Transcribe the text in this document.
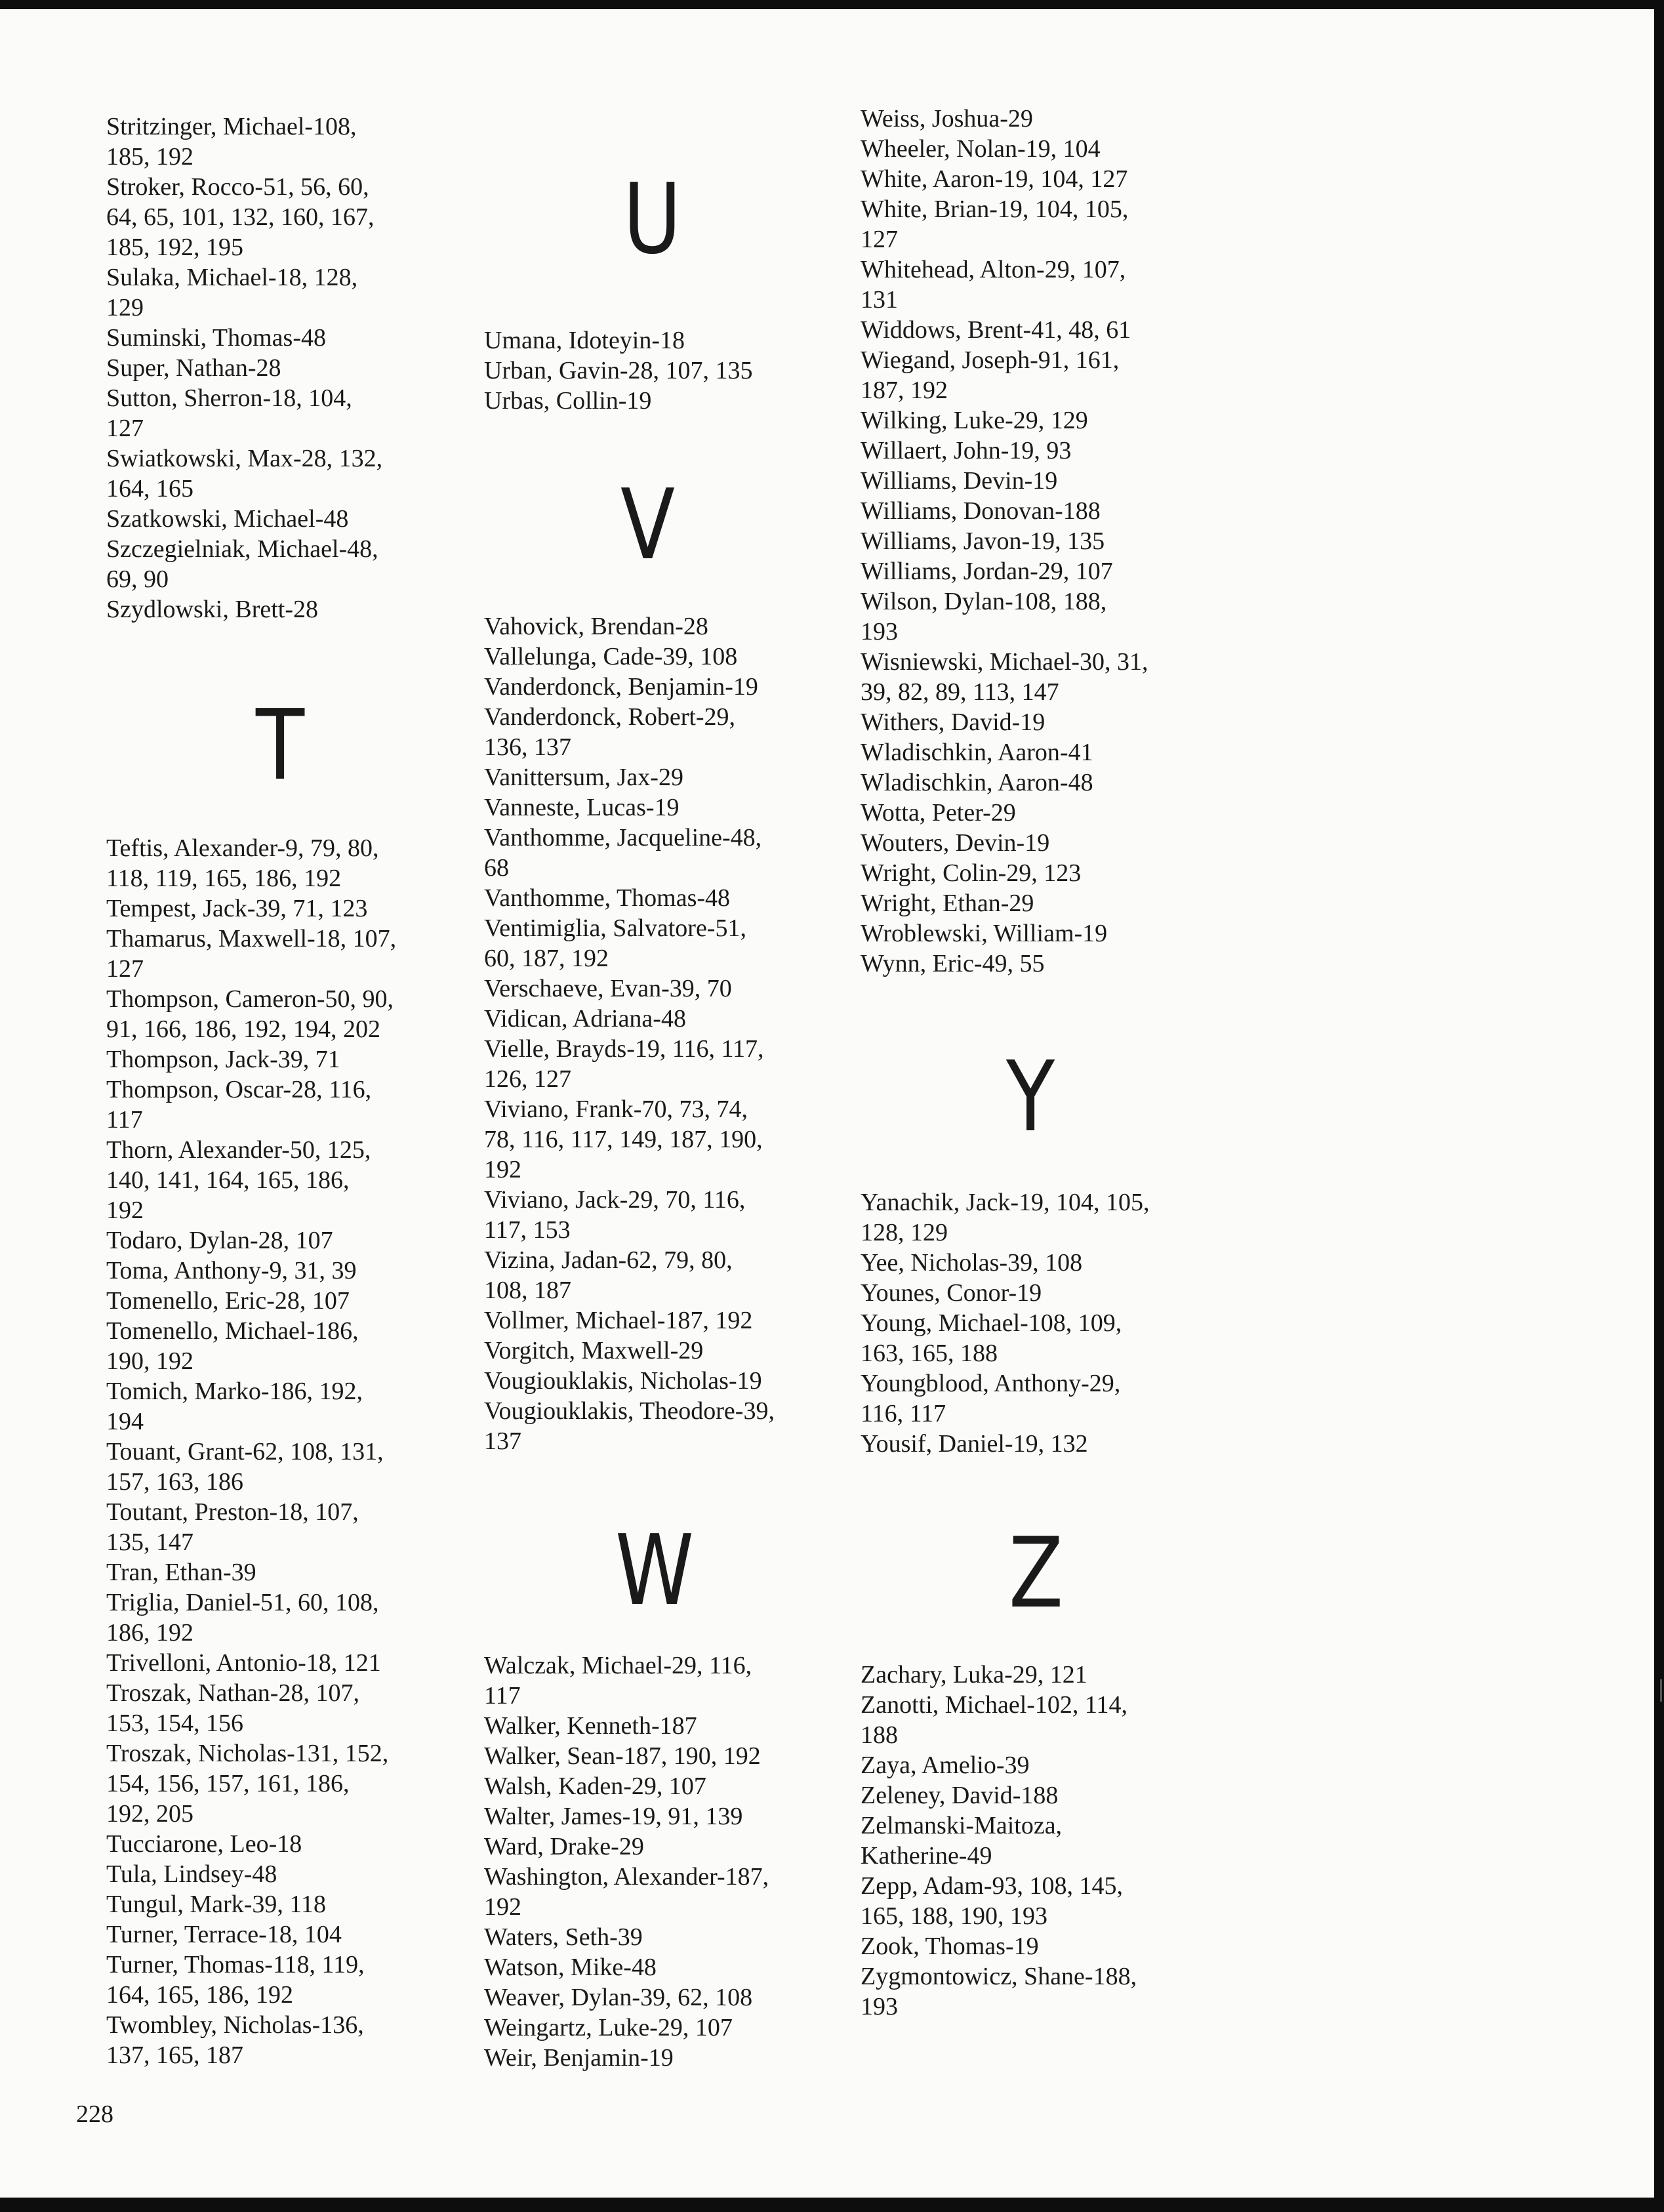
Stritzinger, Michael-108,
185, 192
Stroker, Rocco-51, 56, 60,
64, 65, 101, 132, 160, 167,
185, 192, 195
Sulaka, Michael-18, 128,
129
Suminski, Thomas-48
Super, Nathan-28
Sutton, Sherron-18, 104,
127
Swiatkowski, Max-28, 132,
164, 165
Szatkowski, Michael-48
Szczegielniak, Michael-48,
69, 90
Szydlowski, Brett-28
T
Teftis, Alexander-9, 79, 80,
118, 119, 165, 186, 192
Tempest, Jack-39, 71, 123
Thamarus, Maxwell-18, 107,
127
Thompson, Cameron-50, 90,
91, 166, 186, 192, 194, 202
Thompson, Jack-39, 71
Thompson, Oscar-28, 116,
117
Thorn, Alexander-50, 125,
140, 141, 164, 165, 186,
192
Todaro, Dylan-28, 107
Toma, Anthony-9, 31, 39
Tomenello, Eric-28, 107
Tomenello, Michael-186,
190, 192
Tomich, Marko-186, 192,
194
Touant, Grant-62, 108, 131,
157, 163, 186
Toutant, Preston-18, 107,
135, 147
Tran, Ethan-39
Triglia, Daniel-51, 60, 108,
186, 192
Trivelloni, Antonio-18, 121
Troszak, Nathan-28, 107,
153, 154, 156
Troszak, Nicholas-131, 152,
154, 156, 157, 161, 186,
192, 205
Tucciarone, Leo-18
Tula, Lindsey-48
Tungul, Mark-39, 118
Turner, Terrace-18, 104
Turner, Thomas-118, 119,
164, 165, 186, 192
Twombley, Nicholas-136,
137, 165, 187
U
Umana, Idoteyin-18
Urban, Gavin-28, 107, 135
Urbas, Collin-19
V
Vahovick, Brendan-28
Vallelunga, Cade-39, 108
Vanderdonck, Benjamin-19
Vanderdonck, Robert-29,
136, 137
Vanittersum, Jax-29
Vanneste, Lucas-19
Vanthomme, Jacqueline-48,
68
Vanthomme, Thomas-48
Ventimiglia, Salvatore-51,
60, 187, 192
Verschaeve, Evan-39, 70
Vidican, Adriana-48
Vielle, Brayds-19, 116, 117,
126, 127
Viviano, Frank-70, 73, 74,
78, 116, 117, 149, 187, 190,
192
Viviano, Jack-29, 70, 116,
117, 153
Vizina, Jadan-62, 79, 80,
108, 187
Vollmer, Michael-187, 192
Vorgitch, Maxwell-29
Vougiouklakis, Nicholas-19
Vougiouklakis, Theodore-39,
137
W
Walczak, Michael-29, 116,
117
Walker, Kenneth-187
Walker, Sean-187, 190, 192
Walsh, Kaden-29, 107
Walter, James-19, 91, 139
Ward, Drake-29
Washington, Alexander-187,
192
Waters, Seth-39
Watson, Mike-48
Weaver, Dylan-39, 62, 108
Weingartz, Luke-29, 107
Weir, Benjamin-19
Weiss, Joshua-29
Wheeler, Nolan-19, 104
White, Aaron-19, 104, 127
White, Brian-19, 104, 105,
127
Whitehead, Alton-29, 107,
131
Widdows, Brent-41, 48, 61
Wiegand, Joseph-91, 161,
187, 192
Wilking, Luke-29, 129
Willaert, John-19, 93
Williams, Devin-19
Williams, Donovan-188
Williams, Javon-19, 135
Williams, Jordan-29, 107
Wilson, Dylan-108, 188,
193
Wisniewski, Michael-30, 31,
39, 82, 89, 113, 147
Withers, David-19
Wladischkin, Aaron-41
Wladischkin, Aaron-48
Wotta, Peter-29
Wouters, Devin-19
Wright, Colin-29, 123
Wright, Ethan-29
Wroblewski, William-19
Wynn, Eric-49, 55
Y
Yanachik, Jack-19, 104, 105,
128, 129
Yee, Nicholas-39, 108
Younes, Conor-19
Young, Michael-108, 109,
163, 165, 188
Youngblood, Anthony-29,
116, 117
Yousif, Daniel-19, 132
Z
Zachary, Luka-29, 121
Zanotti, Michael-102, 114,
188
Zaya, Amelio-39
Zeleney, David-188
Zelmanski-Maitoza,
Katherine-49
Zepp, Adam-93, 108, 145,
165, 188, 190, 193
Zook, Thomas-19
Zygmontowicz, Shane-188,
193
228
